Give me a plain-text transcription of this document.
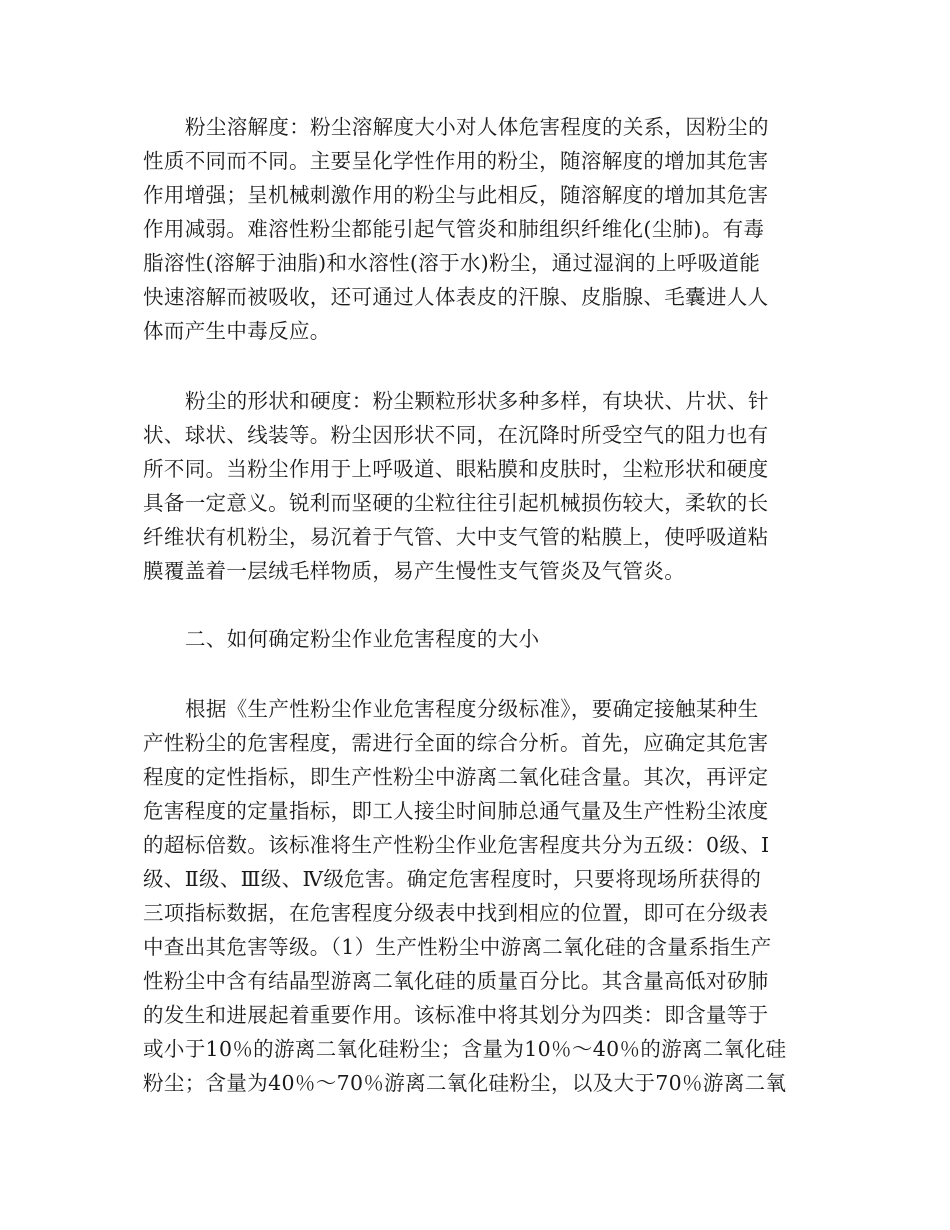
粉尘溶解度：粉尘溶解度大小对人体危害程度的关系，因粉尘的
性质不同而不同。主要呈化学性作用的粉尘，随溶解度的增加其危害
作用增强；呈机械刺激作用的粉尘与此相反，随溶解度的增加其危害
作用减弱。难溶性粉尘都能引起气管炎和肺组织纤维化(尘肺)。有毒
脂溶性(溶解于油脂)和水溶性(溶于水)粉尘，通过湿润的上呼吸道能
快速溶解而被吸收，还可通过人体表皮的汗腺、皮脂腺、毛囊进人人
体而产生中毒反应。
粉尘的形状和硬度：粉尘颗粒形状多种多样，有块状、片状、针
状、球状、线装等。粉尘因形状不同，在沉降时所受空气的阻力也有
所不同。当粉尘作用于上呼吸道、眼粘膜和皮肤时，尘粒形状和硬度
具备一定意义。锐利而坚硬的尘粒往往引起机械损伤较大，柔软的长
纤维状有机粉尘，易沉着于气管、大中支气管的粘膜上，使呼吸道粘
膜覆盖着一层绒毛样物质，易产生慢性支气管炎及气管炎。
二、如何确定粉尘作业危害程度的大小
根据《生产性粉尘作业危害程度分级标准》，要确定接触某种生
产性粉尘的危害程度，需进行全面的综合分析。首先，应确定其危害
程度的定性指标，即生产性粉尘中游离二氧化硅含量。其次，再评定
危害程度的定量指标，即工人接尘时间肺总通气量及生产性粉尘浓度
的超标倍数。该标准将生产性粉尘作业危害程度共分为五级：0级、Ⅰ
级、Ⅱ级、Ⅲ级、Ⅳ级危害。确定危害程度时，只要将现场所获得的
三项指标数据，在危害程度分级表中找到相应的位置，即可在分级表
中查出其危害等级。（1）生产性粉尘中游离二氧化硅的含量系指生产
性粉尘中含有结晶型游离二氧化硅的质量百分比。其含量高低对矽肺
的发生和进展起着重要作用。该标准中将其划分为四类：即含量等于
或小于10％的游离二氧化硅粉尘；含量为10％～40％的游离二氧化硅
粉尘；含量为40％～70％游离二氧化硅粉尘，以及大于70％游离二氧
